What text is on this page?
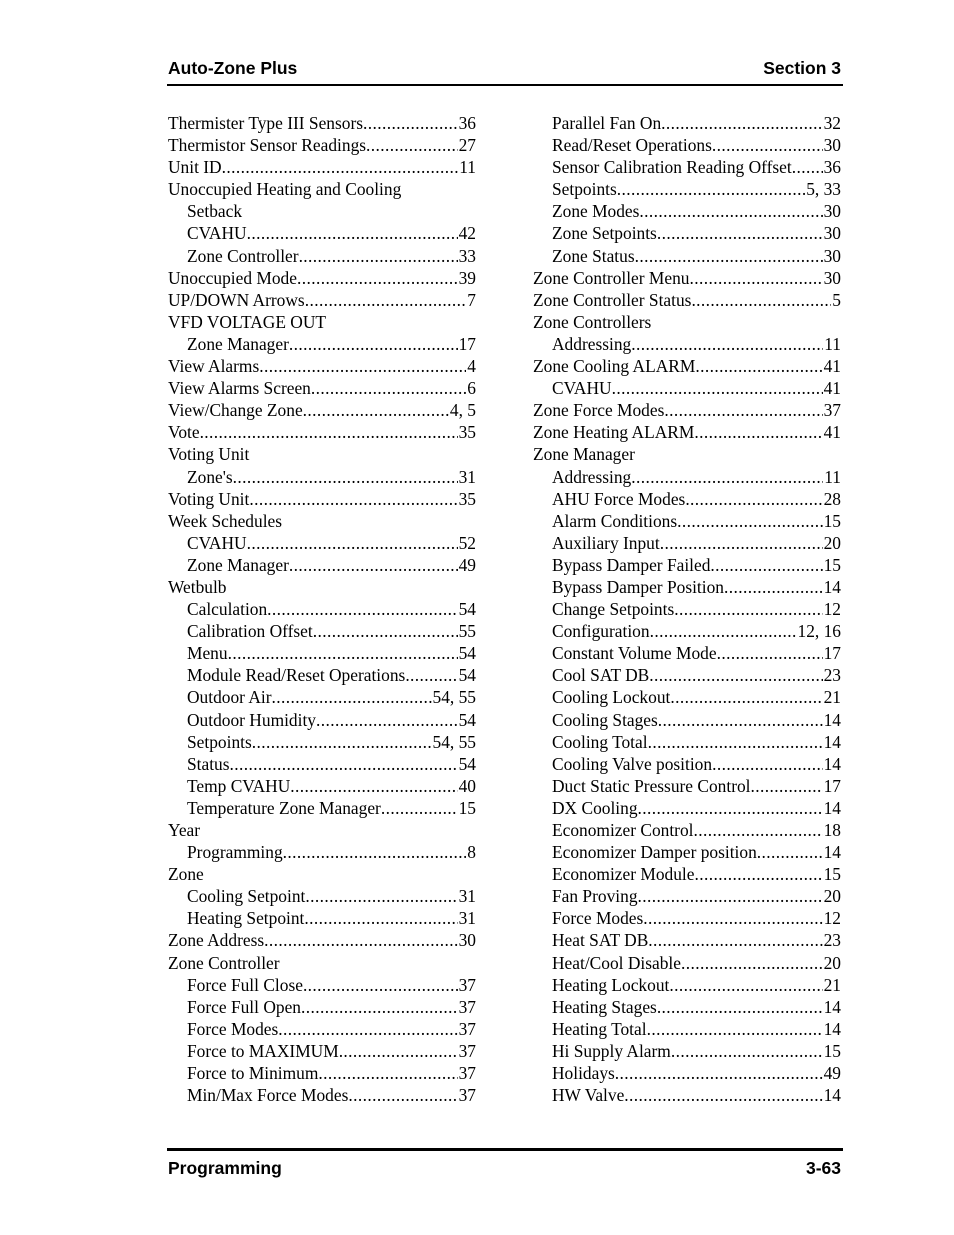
Auto-Zone Plus	Section 3
Thermister Type III Sensors .....	36
Thermistor Sensor Readings .....	27
Unit ID .....	11
Unoccupied Heating and Cooling
Setback
CVAHU .....	42
Zone Controller .....	33
Unoccupied Mode .....	39
UP/DOWN Arrows .....	7
VFD VOLTAGE OUT
Zone Manager .....	17
View Alarms .....	4
View Alarms Screen .....	6
View/Change Zone .....	4, 5
Vote .....	35
Voting Unit
Zone's .....	31
Voting Unit .....	35
Week Schedules
CVAHU .....	52
Zone Manager .....	49
Wetbulb
Calculation .....	54
Calibration Offset .....	55
Menu .....	54
Module Read/Reset Operations .....	54
Outdoor Air .....	54, 55
Outdoor Humidity .....	54
Setpoints .....	54, 55
Status .....	54
Temp CVAHU .....	40
Temperature Zone Manager .....	15
Year
Programming .....	8
Zone
Cooling Setpoint .....	31
Heating Setpoint .....	31
Zone Address .....	30
Zone Controller
Force Full Close .....	37
Force Full Open .....	37
Force Modes .....	37
Force to MAXIMUM .....	37
Force to Minimum .....	37
Min/Max Force Modes .....	37
Parallel Fan On .....	32
Read/Reset Operations .....	30
Sensor Calibration Reading Offset ..... 36
Setpoints .....	5, 33
Zone Modes .....	30
Zone Setpoints .....	30
Zone Status .....	30
Zone Controller Menu .....	30
Zone Controller Status .....	5
Zone Controllers
Addressing .....	11
Zone Cooling ALARM .....	41
CVAHU .....	41
Zone Force Modes .....	37
Zone Heating ALARM .....	41
Zone Manager
Addressing .....	11
AHU Force Modes .....	28
Alarm Conditions .....	15
Auxiliary Input .....	20
Bypass Damper Failed .....	15
Bypass Damper Position .....	14
Change Setpoints .....	12
Configuration .....	12, 16
Constant Volume Mode .....	17
Cool SAT DB .....	23
Cooling Lockout .....	21
Cooling Stages .....	14
Cooling Total .....	14
Cooling Valve position .....	14
Duct Static Pressure Control .....	17
DX Cooling .....	14
Economizer Control .....	18
Economizer Damper position .....	14
Economizer Module .....	15
Fan Proving .....	20
Force Modes .....	12
Heat SAT DB .....	23
Heat/Cool Disable .....	20
Heating Lockout .....	21
Heating Stages .....	14
Heating Total .....	14
Hi Supply Alarm .....	15
Holidays .....	49
HW Valve .....	14
Programming	3-63
